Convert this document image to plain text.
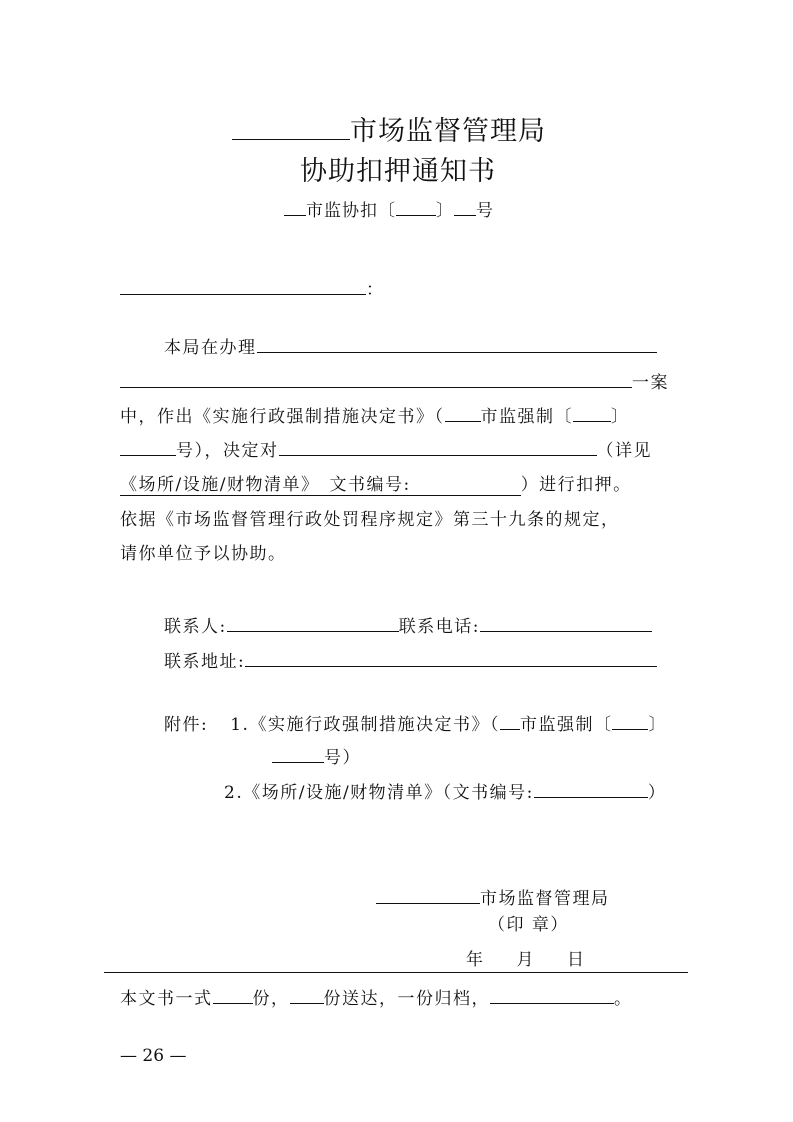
市场监督管理局
协助扣押通知书
市监协扣〔 〕 号
：
本局在办理
一案
中，作出《实施行政强制措施决定书》（ 市监强制〔 〕
号），决定对	（详见
《场所/设施/财物清单》　文书编号:	）进行扣押。
依据《市场监督管理行政处罚程序规定》第三十九条的规定，
请你单位予以协助。
联系人:	联系电话:
联系地址:
附件: 1.《实施行政强制措施决定书》（ 市监强制〔 〕
号）
2.《场所/设施/财物清单》（文书编号:	）
市场监督管理局
（印 章）
年 月 日
本文书一式 份， 份送达，一份归档，	。
— 26 —
